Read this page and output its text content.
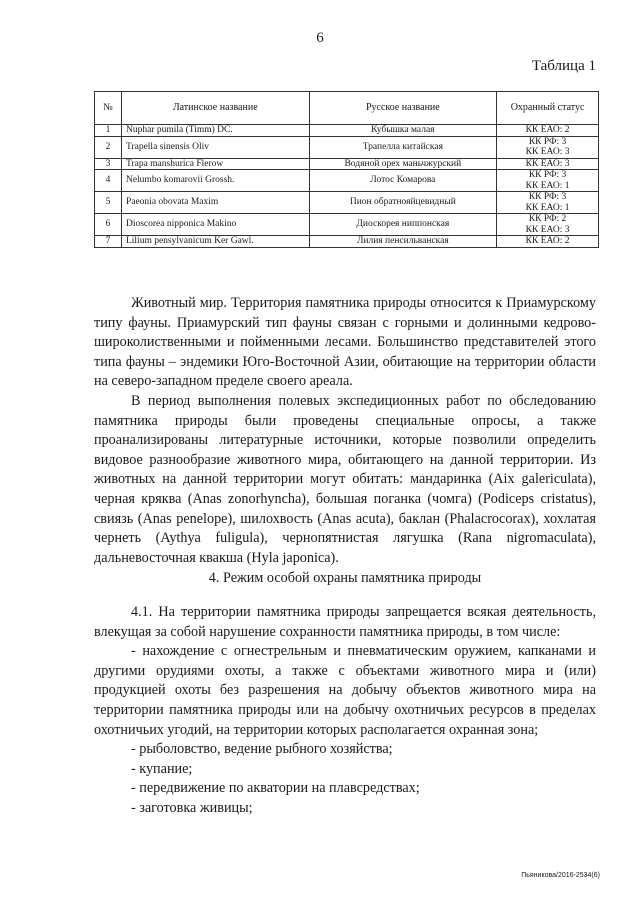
6
Таблица 1
№	Латинское название	Русское название	Охранный статус
1	Nuphar pumila (Timm) DC.	Кубышка малая	КК ЕАО: 2

2	Trapella sinensis Oliv	Трапелла китайская	КК РФ: 3
КК ЕАО: 3

3	Trapa manshurica Flerow	Водяной орех маньчжурский	КК ЕАО: 3

4	Nelumbo komarovii Grossh.	Лотос Комарова	КК РФ: 3
КК ЕАО: 1

5	Paeonia obovata Maxim	Пион обратнояйцевидный	КК РФ: 3
КК ЕАО: 1

6	Dioscorea nipponica Makino	Диоскорея ниппонская	КК РФ: 2
КК ЕАО: 3

7	Lilium pensylvanicum Ker Gawl.	Лилия пенсильванская	КК ЕАО: 2

Животный мир. Территория памятника природы относится к Приамурскому типу фауны. Приамурский тип фауны связан с горными и долинными кедрово-широколиственными и пойменными лесами. Большинство представителей этого типа фауны – эндемики Юго-Восточной Азии, обитающие на территории области на северо-западном пределе своего ареала.

В период выполнения полевых экспедиционных работ по обследованию памятника природы были проведены специальные опросы, а также проанализированы литературные источники, которые позволили определить видовое разнообразие животного мира, обитающего на данной территории. Из животных на данной территории могут обитать: мандаринка (Aix galericulata), черная кряква (Anas zonorhyncha), большая поганка (чомга) (Podiceps cristatus), свиязь (Anas penelope), шилохвость (Anas acuta), баклан (Phalacrocorax), хохлатая чернеть (Aythya fuligula), чернопятнистая лягушка (Rana nigromaculata), дальневосточная квакша (Hyla japonica).

4. Режим особой охраны памятника природы

4.1. На территории памятника природы запрещается всякая деятельность, влекущая за собой нарушение сохранности памятника природы, в том числе:

- нахождение с огнестрельным и пневматическим оружием, капканами и другими орудиями охоты, а также с объектами животного мира и (или) продукцией охоты без разрешения на добычу объектов животного мира на территории памятника природы или на добычу охотничьих ресурсов в пределах охотничьих угодий, на территории которых располагается охранная зона;

- рыболовство, ведение рыбного хозяйства;

- купание;

- передвижение по акватории на плавсредствах;

- заготовка живицы;

Пьяникова/2016-2534(6)
